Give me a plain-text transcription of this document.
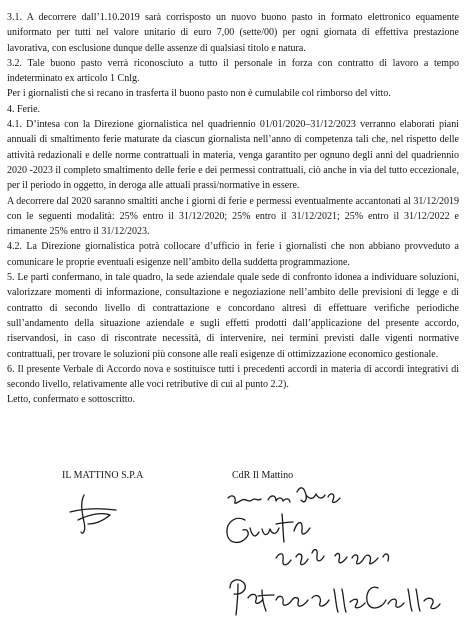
3.1. A decorrere dall’1.10.2019 sarà corrisposto un nuovo buono pasto in formato elettronico equamente uniformato per tutti nel valore unitario di euro 7,00 (sette/00) per ogni giornata di effettiva prestazione lavorativa, con esclusione dunque delle assenze di qualsiasi titolo e natura.

3.2. Tale buono pasto verrà riconosciuto a tutto il personale in forza con contratto di lavoro a tempo indeterminato ex articolo 1 Cnlg.

Per i giornalisti che si recano in trasferta il buono pasto non è cumulabile col rimborso del vitto.

4. Ferie.

4.1. D’intesa con la Direzione giornalistica nel quadriennio 01/01/2020–31/12/2023 verranno elaborati piani annuali di smaltimento ferie maturate da ciascun giornalista nell’anno di competenza tali che, nel rispetto delle attività redazionali e delle norme contrattuali in materia, venga garantito per ognuno degli anni del quadriennio 2020 -2023 il completo smaltimento delle ferie e dei permessi contrattuali, ciò anche in via del tutto eccezionale, per il periodo in oggetto, in deroga alle attuali prassi/normative in essere.

A decorrere dal 2020 saranno smaltiti anche i giorni di ferie e permessi eventualmente accantonati al 31/12/2019 con le seguenti modalità: 25% entro il 31/12/2020; 25% entro il 31/12/2021; 25% entro il 31/12/2022 e rimanente 25% entro il 31/12/2023.

4.2. La Direzione giornalistica potrà collocare d’ufficio in ferie i giornalisti che non abbiano provveduto a comunicare le proprie eventuali esigenze nell’ambito della suddetta programmazione.

5. Le parti confermano, in tale quadro, la sede aziendale quale sede di confronto idonea a individuare soluzioni, valorizzare momenti di informazione, consultazione e negoziazione nell’ambito delle previsioni di legge e di contratto di secondo livello di contrattazione e concordano altresì di effettuare verifiche periodiche sull’andamento della situazione aziendale e sugli effetti prodotti dall’applicazione del presente accordo, riservandosi, in caso di riscontrate necessità, di intervenire, nei termini previsti dalle vigenti normative contrattuali, per trovare le soluzioni più consone alle reali esigenze di ottimizzazione economico gestionale.

6. Il presente Verbale di Accordo nova e sostituisce tutti i precedenti accordi in materia di accordi integrativi di secondo livello, relativamente alle voci retributive di cui al punto 2.2).

Letto, confermato e sottoscritto.

IL MATTINO S.P.A	CdR Il Mattino
